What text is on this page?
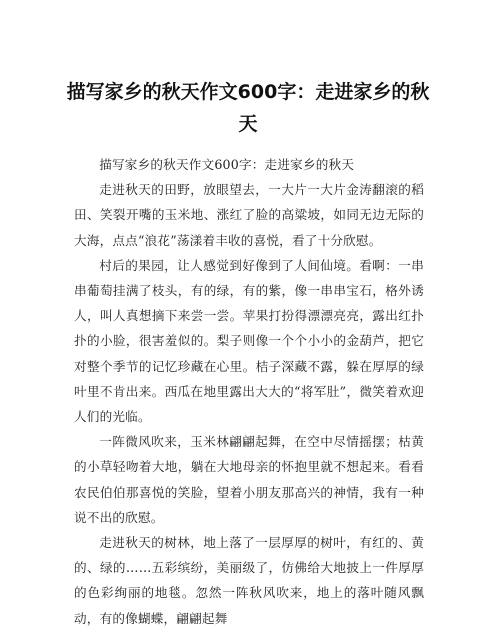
描写家乡的秋天作文600字：走进家乡的秋天

描写家乡的秋天作文600字：走进家乡的秋天

走进秋天的田野，放眼望去，一大片一大片金涛翻滚的稻田、笑裂开嘴的玉米地、涨红了脸的高粱坡，如同无边无际的大海，点点“浪花”荡漾着丰收的喜悦，看了十分欣慰。

村后的果园，让人感觉到好像到了人间仙境。看啊：一串串葡萄挂满了枝头，有的绿，有的紫，像一串串宝石，格外诱人，叫人真想摘下来尝一尝。苹果打扮得漂漂亮亮，露出红扑扑的小脸，很害羞似的。梨子则像一个个小小的金葫芦，把它对整个季节的记忆珍藏在心里。桔子深藏不露，躲在厚厚的绿叶里不肯出来。西瓜在地里露出大大的“将军肚”，微笑着欢迎人们的光临。

一阵微风吹来，玉米林翩翩起舞，在空中尽情摇摆；枯黄的小草轻吻着大地，躺在大地母亲的怀抱里就不想起来。看看农民伯伯那喜悦的笑脸，望着小朋友那高兴的神情，我有一种说不出的欣慰。

走进秋天的树林，地上落了一层厚厚的树叶，有红的、黄的、绿的……五彩缤纷，美丽级了，仿佛给大地披上一件厚厚的色彩绚丽的地毯。忽然一阵秋风吹来，地上的落叶随风飘动，有的像蝴蝶，翩翩起舞
